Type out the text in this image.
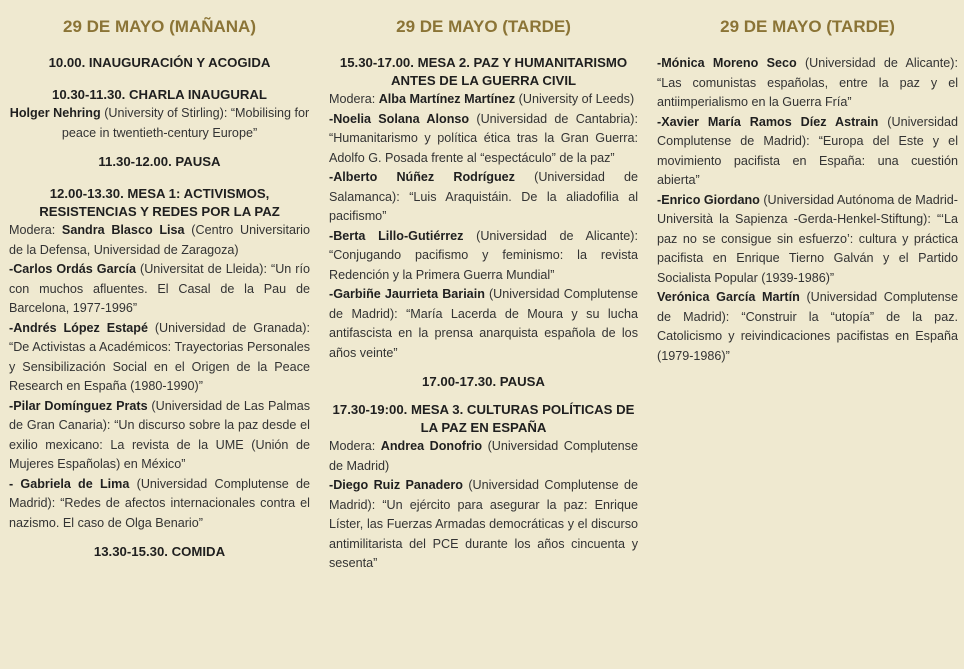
29 DE MAYO (MAÑANA)
10.00. INAUGURACIÓN Y ACOGIDA
10.30-11.30. CHARLA INAUGURAL
Holger Nehring (University of Stirling): “Mobilising for peace in twentieth-century Europe”
11.30-12.00. PAUSA
12.00-13.30. MESA 1: ACTIVISMOS, RESISTENCIAS Y REDES POR LA PAZ
Modera: Sandra Blasco Lisa (Centro Universitario de la Defensa, Universidad de Zaragoza)
-Carlos Ordás García (Universitat de Lleida): “Un río con muchos afluentes. El Casal de la Pau de Barcelona, 1977-1996”
-Andrés López Estapé (Universidad de Granada): “De Activistas a Académicos: Trayectorias Personales y Sensibilización Social en el Origen de la Peace Research en España (1980-1990)”
-Pilar Domínguez Prats (Universidad de Las Palmas de Gran Canaria): “Un discurso sobre la paz desde el exilio mexicano: La revista de la UME (Unión de Mujeres Españolas) en México”
- Gabriela de Lima (Universidad Complutense de Madrid): “Redes de afectos internacionales contra el nazismo. El caso de Olga Benario”
13.30-15.30. COMIDA
29 DE MAYO (TARDE)
15.30-17.00. MESA 2. PAZ Y HUMANITARISMO ANTES DE LA GUERRA CIVIL
Modera: Alba Martínez Martínez (University of Leeds)
-Noelia Solana Alonso (Universidad de Cantabria): “Humanitarismo y política ética tras la Gran Guerra: Adolfo G. Posada frente al “espectáculo” de la paz”
-Alberto Núñez Rodríguez (Universidad de Salamanca): “Luis Araquistáin. De la aliadofilia al pacifismo”
-Berta Lillo-Gutiérrez (Universidad de Alicante): “Conjugando pacifismo y feminismo: la revista Redención y la Primera Guerra Mundial”
-Garbiñe Jaurrieta Bariain (Universidad Complutense de Madrid): “María Lacerda de Moura y su lucha antifascista en la prensa anarquista española de los años veinte”
17.00-17.30. PAUSA
17.30-19:00. MESA 3. CULTURAS POLÍTICAS DE LA PAZ EN ESPAÑA
Modera: Andrea Donofrio (Universidad Complutense de Madrid)
-Diego Ruiz Panadero (Universidad Complutense de Madrid): “Un ejército para asegurar la paz: Enrique Líster, las Fuerzas Armadas democráticas y el discurso antimilitarista del PCE durante los años cincuenta y sesenta”
29 DE MAYO (TARDE)
-Mónica Moreno Seco (Universidad de Alicante): “Las comunistas españolas, entre la paz y el antiimperialismo en la Guerra Fría”
-Xavier María Ramos Díez Astrain (Universidad Complutense de Madrid): “Europa del Este y el movimiento pacifista en España: una cuestión abierta”
-Enrico Giordano (Universidad Autónoma de Madrid- Università la Sapienza -Gerda-Henkel-Stiftung): “‘La paz no se consigue sin esfuerzo’: cultura y práctica pacifista en Enrique Tierno Galván y el Partido Socialista Popular (1939-1986)”
Verónica García Martín (Universidad Complutense de Madrid): “Construir la “utopía” de la paz. Catolicismo y reivindicaciones pacifistas en España (1979-1986)”
